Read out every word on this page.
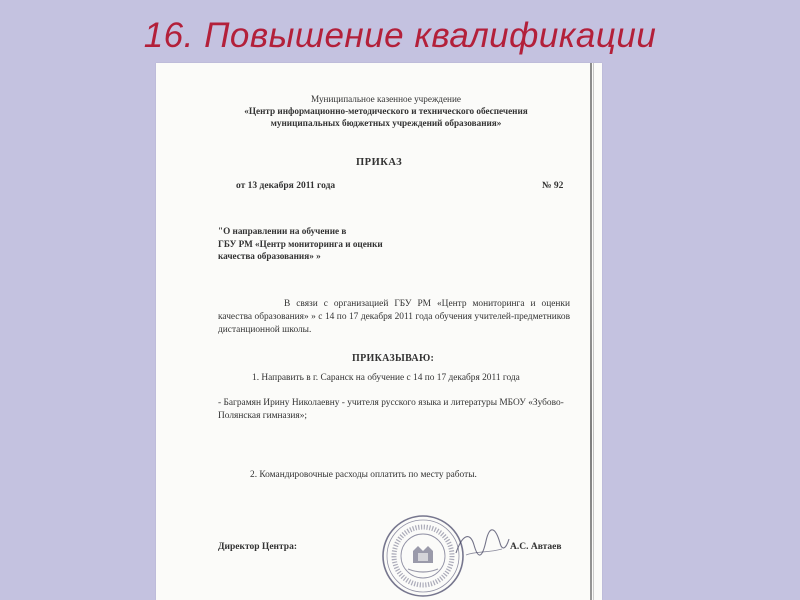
16. Повышение квалификации
Муниципальное казенное учреждение
«Центр информационно-методического и технического обеспечения
муниципальных бюджетных учреждений образования»
ПРИКАЗ
от 13 декабря 2011 года	№ 92
"О направлении на обучение в
ГБУ РМ «Центр мониторинга и оценки
качества образования» »
В связи с организацией ГБУ РМ «Центр мониторинга и оценки качества образования» » с 14 по 17 декабря 2011 года обучения учителей-предметников дистанционной школы.
ПРИКАЗЫВАЮ:
1. Направить в г. Саранск на обучение с 14 по 17 декабря 2011 года
- Баграмян Ирину Николаевну - учителя русского языка и литературы МБОУ «Зубово-Полянская гимназия»;
2. Командировочные расходы оплатить по месту работы.
Директор Центра:	А.С. Автаев
